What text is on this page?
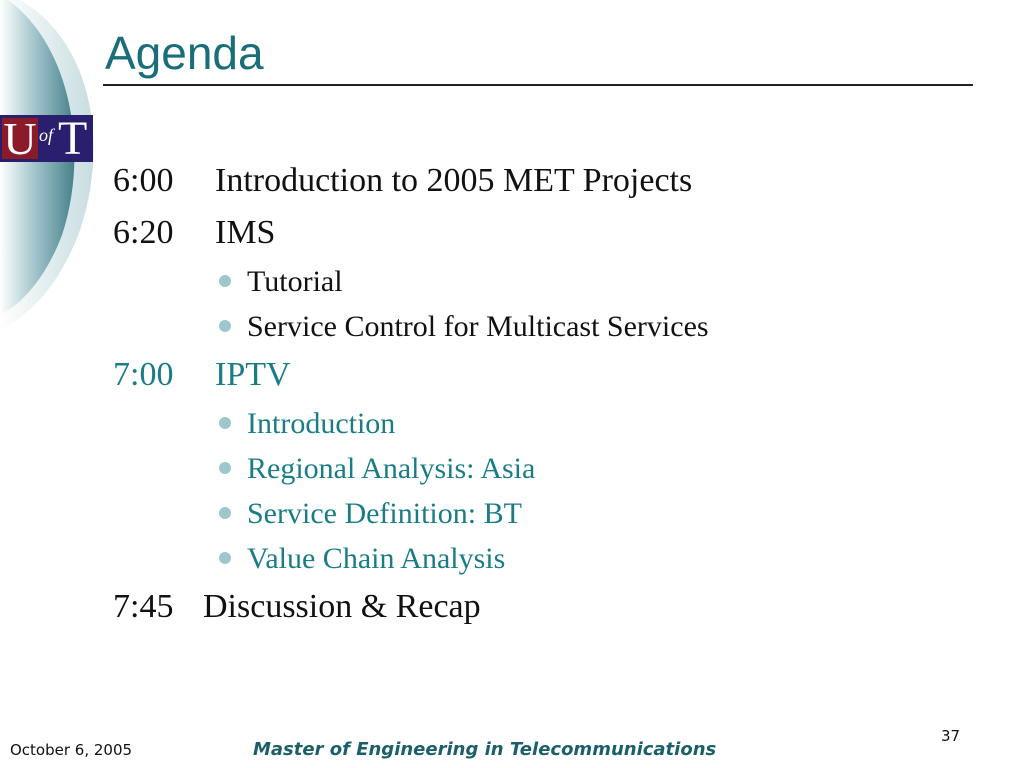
U of T
Agenda
6:00 Introduction to 2005 MET Projects
6:20 IMS
Tutorial
Service Control for Multicast Services
7:00 IPTV
Introduction
Regional Analysis: Asia
Service Definition: BT
Value Chain Analysis
7:45 Discussion & Recap
37
October 6, 2005	Master of Engineering in Telecommunications
